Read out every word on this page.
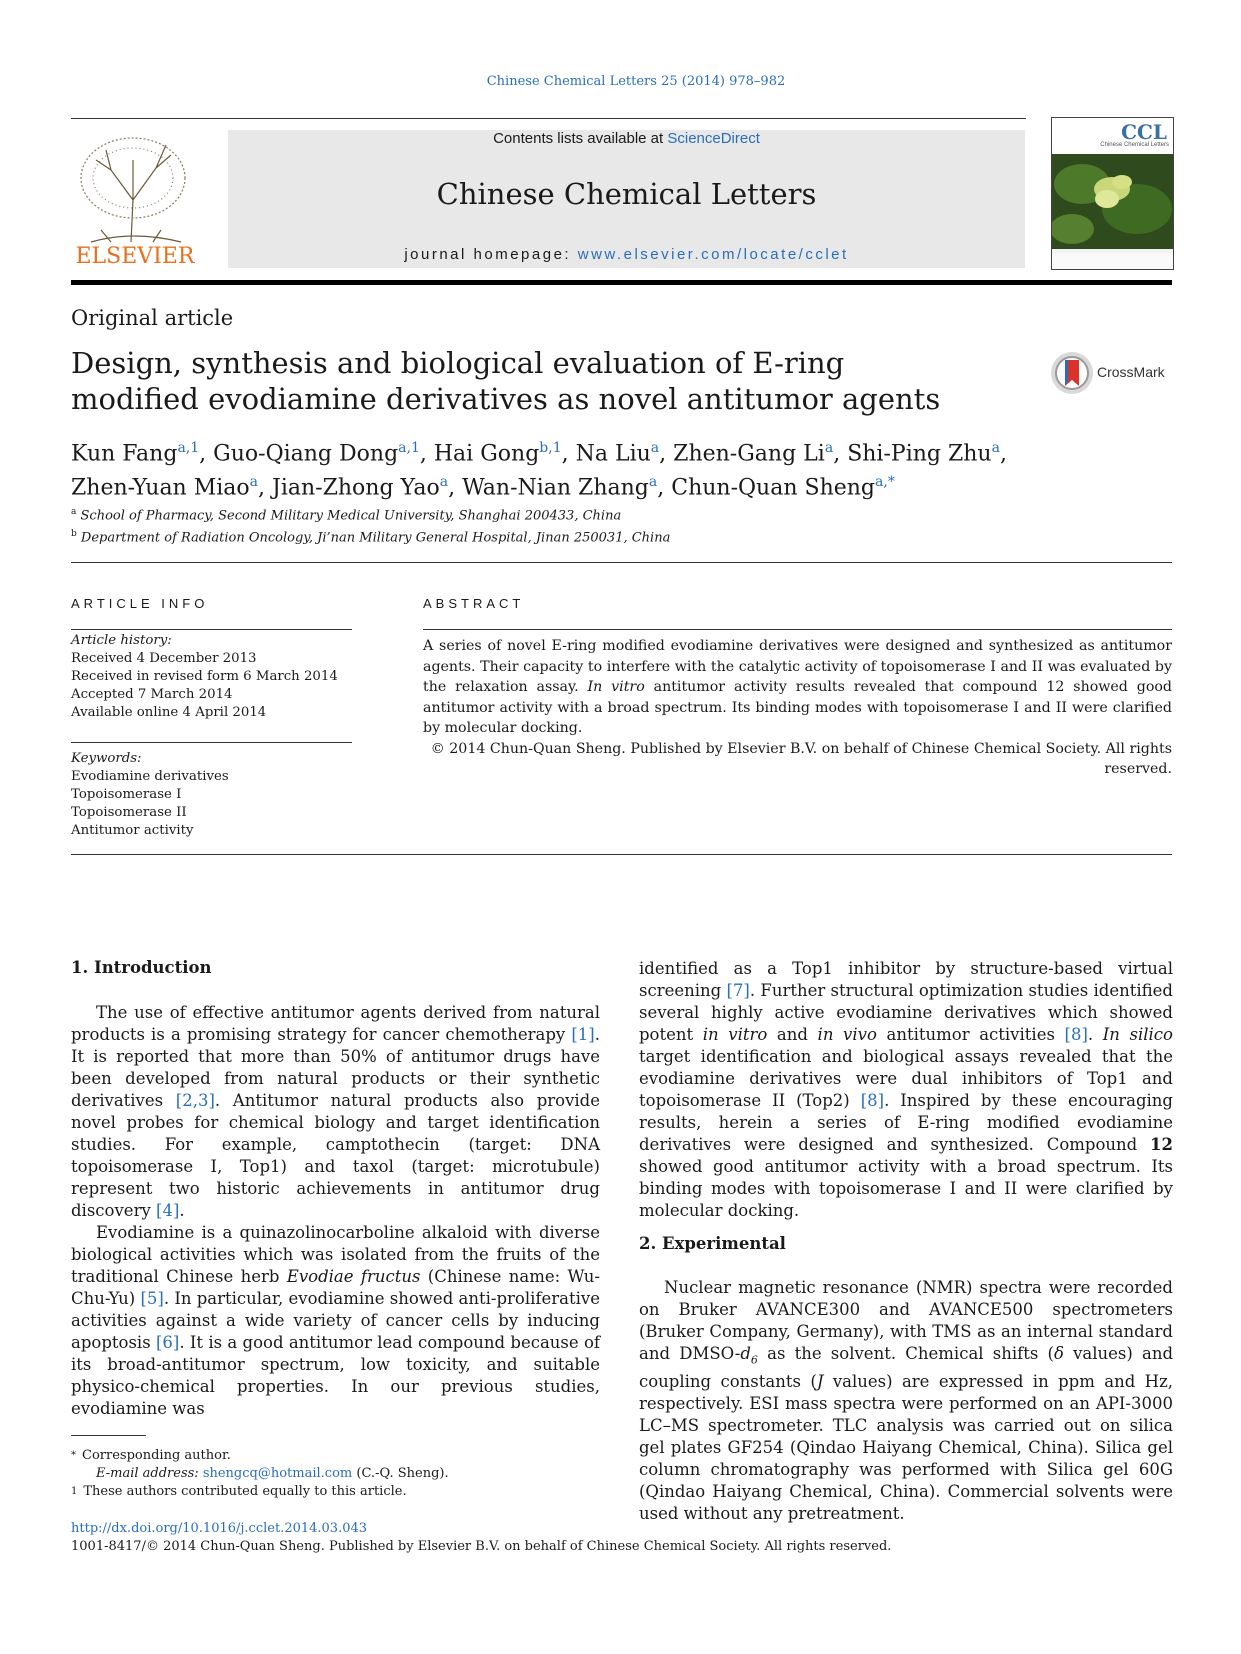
Chinese Chemical Letters 25 (2014) 978–982
ELSEVIER
Contents lists available at ScienceDirect
Chinese Chemical Letters
journal homepage: www.elsevier.com/locate/cclet
CCL
Chinese Chemical Letters
Original article
Design, synthesis and biological evaluation of E-ring modified evodiamine derivatives as novel antitumor agents
CrossMark
Kun Fang$^{a,1}$, Guo-Qiang Dong$^{a,1}$, Hai Gong$^{b,1}$, Na Liu$^a$, Zhen-Gang Li$^a$, Shi-Ping Zhu$^a$,
Zhen-Yuan Miao$^a$, Jian-Zhong Yao$^a$, Wan-Nian Zhang$^a$, Chun-Quan Sheng$^{a,*}$
$^a$ School of Pharmacy, Second Military Medical University, Shanghai 200433, China
$^b$ Department of Radiation Oncology, Ji’nan Military General Hospital, Jinan 250031, China
ARTICLE INFO
Article history:
Received 4 December 2013
Received in revised form 6 March 2014
Accepted 7 March 2014
Available online 4 April 2014
Keywords:
Evodiamine derivatives
Topoisomerase I
Topoisomerase II
Antitumor activity
ABSTRACT
A series of novel E-ring modified evodiamine derivatives were designed and synthesized as antitumor agents. Their capacity to interfere with the catalytic activity of topoisomerase I and II was evaluated by the relaxation assay. In vitro antitumor activity results revealed that compound 12 showed good antitumor activity with a broad spectrum. Its binding modes with topoisomerase I and II were clarified by molecular docking.
© 2014 Chun-Quan Sheng. Published by Elsevier B.V. on behalf of Chinese Chemical Society. All rights reserved.
1. Introduction

The use of effective antitumor agents derived from natural products is a promising strategy for cancer chemotherapy [1]. It is reported that more than 50% of antitumor drugs have been developed from natural products or their synthetic derivatives [2,3]. Antitumor natural products also provide novel probes for chemical biology and target identification studies. For example, camptothecin (target: DNA topoisomerase I, Top1) and taxol (target: microtubule) represent two historic achievements in antitumor drug discovery [4].

Evodiamine is a quinazolinocarboline alkaloid with diverse biological activities which was isolated from the fruits of the traditional Chinese herb Evodiae fructus (Chinese name: Wu-Chu-Yu) [5]. In particular, evodiamine showed anti-proliferative activities against a wide variety of cancer cells by inducing apoptosis [6]. It is a good antitumor lead compound because of its broad-antitumor spectrum, low toxicity, and suitable physico-chemical properties. In our previous studies, evodiamine was

identified as a Top1 inhibitor by structure-based virtual screening [7]. Further structural optimization studies identified several highly active evodiamine derivatives which showed potent in vitro and in vivo antitumor activities [8]. In silico target identification and biological assays revealed that the evodiamine derivatives were dual inhibitors of Top1 and topoisomerase II (Top2) [8]. Inspired by these encouraging results, herein a series of E-ring modified evodiamine derivatives were designed and synthesized. Compound 12 showed good antitumor activity with a broad spectrum. Its binding modes with topoisomerase I and II were clarified by molecular docking.

2. Experimental

Nuclear magnetic resonance (NMR) spectra were recorded on Bruker AVANCE300 and AVANCE500 spectrometers (Bruker Company, Germany), with TMS as an internal standard and DMSO-$d_6$ as the solvent. Chemical shifts (δ values) and coupling constants (J values) are expressed in ppm and Hz, respectively. ESI mass spectra were performed on an API-3000 LC–MS spectrometer. TLC analysis was carried out on silica gel plates GF254 (Qindao Haiyang Chemical, China). Silica gel column chromatography was performed with Silica gel 60G (Qindao Haiyang Chemical, China). Commercial solvents were used without any pretreatment.

* Corresponding author.
E-mail address: shengcq@hotmail.com (C.-Q. Sheng).
$^1$ These authors contributed equally to this article.
http://dx.doi.org/10.1016/j.cclet.2014.03.043
1001-8417/© 2014 Chun-Quan Sheng. Published by Elsevier B.V. on behalf of Chinese Chemical Society. All rights reserved.
